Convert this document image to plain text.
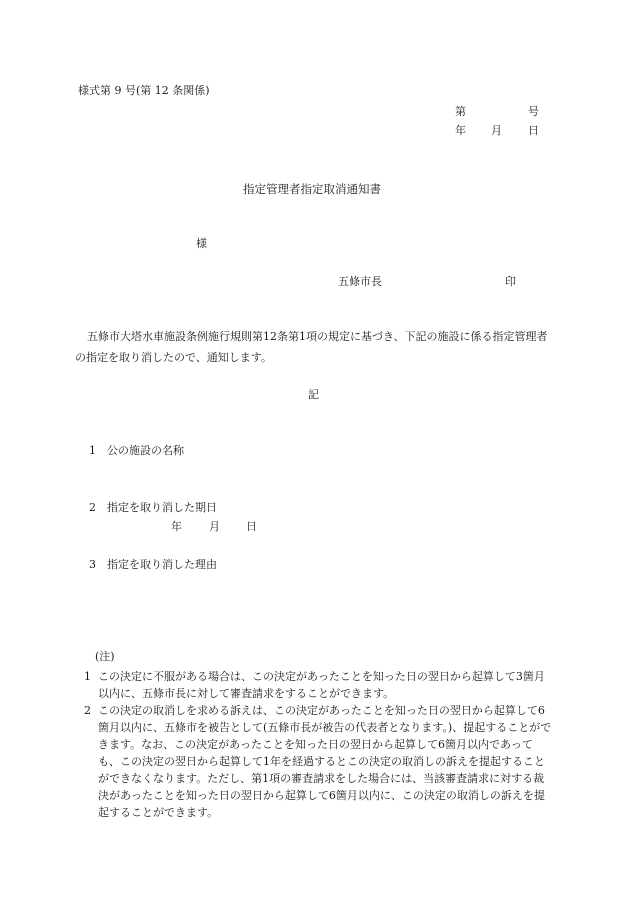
様式第 9 号(第 12 条関係)
第	号
年 月 日
指定管理者指定取消通知書
様
五條市長	印
五條市大塔水車施設条例施行規則第12条第1項の規定に基づき、下記の施設に係る指定管理者の指定を取り消したので、通知します。
記
1 公の施設の名称
2 指定を取り消した期日
年 月 日
3 指定を取り消した理由
(注)
1 この決定に不服がある場合は、この決定があったことを知った日の翌日から起算して3箇月以内に、五條市長に対して審査請求をすることができます。
2 この決定の取消しを求める訴えは、この決定があったことを知った日の翌日から起算して6箇月以内に、五條市を被告として(五條市長が被告の代表者となります。)、提起することができます。なお、この決定があったことを知った日の翌日から起算して6箇月以内であっても、この決定の翌日から起算して1年を経過するとこの決定の取消しの訴えを提起することができなくなります。ただし、第1項の審査請求をした場合には、当該審査請求に対する裁決があったことを知った日の翌日から起算して6箇月以内に、この決定の取消しの訴えを提起することができます。
